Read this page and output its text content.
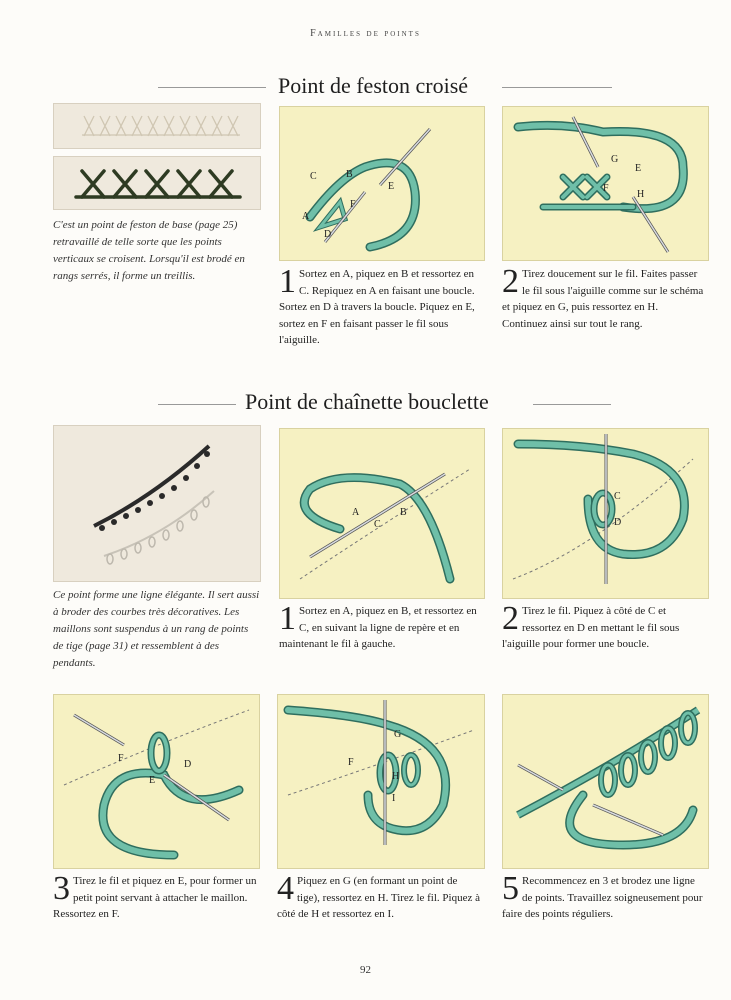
Familles de points
Point de feston croisé
C'est un point de feston de base (page 25) retravaillé de telle sorte que les points verticaux se croisent. Lorsqu'il est brodé en rangs serrés, il forme un treillis.
C	B
A
F
D
E
1 Sortez en A, piquez en B et ressortez en C. Repiquez en A en faisant une boucle. Sortez en D à travers la boucle. Piquez en E, sortez en F en faisant passer le fil sous l'aiguille.
G
E
F
H
2 Tirez doucement sur le fil. Faites passer le fil sous l'aiguille comme sur le schéma et piquez en G, puis ressortez en H. Continuez ainsi sur tout le rang.
Point de chaînette bouclette
Ce point forme une ligne élégante. Il sert aussi à broder des courbes très décoratives. Les maillons sont suspendus à un rang de points de tige (page 31) et ressemblent à des pendants.
A
C
B
1 Sortez en A, piquez en B, et ressortez en C, en suivant la ligne de repère et en maintenant le fil à gauche.
C
D
2 Tirez le fil. Piquez à côté de C et ressortez en D en mettant le fil sous l'aiguille pour former une boucle.
F
D
E
3 Tirez le fil et piquez en E, pour former un petit point servant à attacher le maillon. Ressortez en F.
G
F
H
I
4 Piquez en G (en formant un point de tige), ressortez en H. Tirez le fil. Piquez à côté de H et ressortez en I.
5 Recommencez en 3 et brodez une ligne de points. Travaillez soigneusement pour faire des points réguliers.
92
